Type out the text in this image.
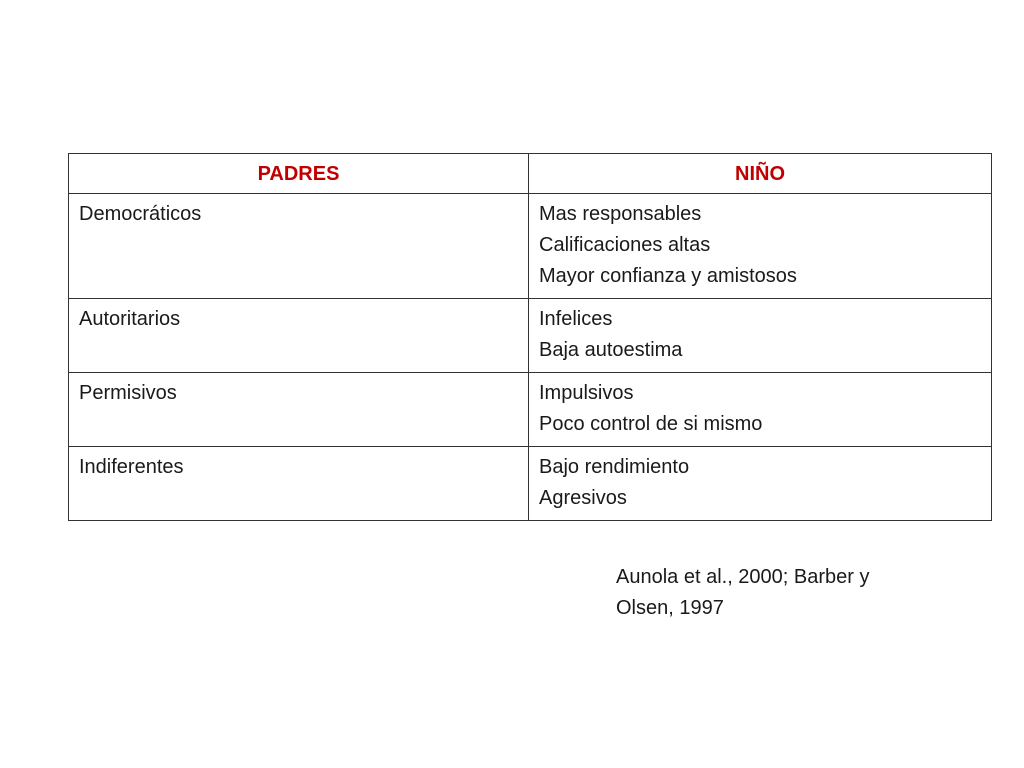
PADRES	NIÑO
Democráticos	Mas responsables
Calificaciones altas
Mayor confianza y amistosos

Autoritarios	Infelices
Baja autoestima

Permisivos	Impulsivos
Poco control de si mismo

Indiferentes	Bajo rendimiento
Agresivos
Aunola et al., 2000; Barber y
Olsen, 1997
